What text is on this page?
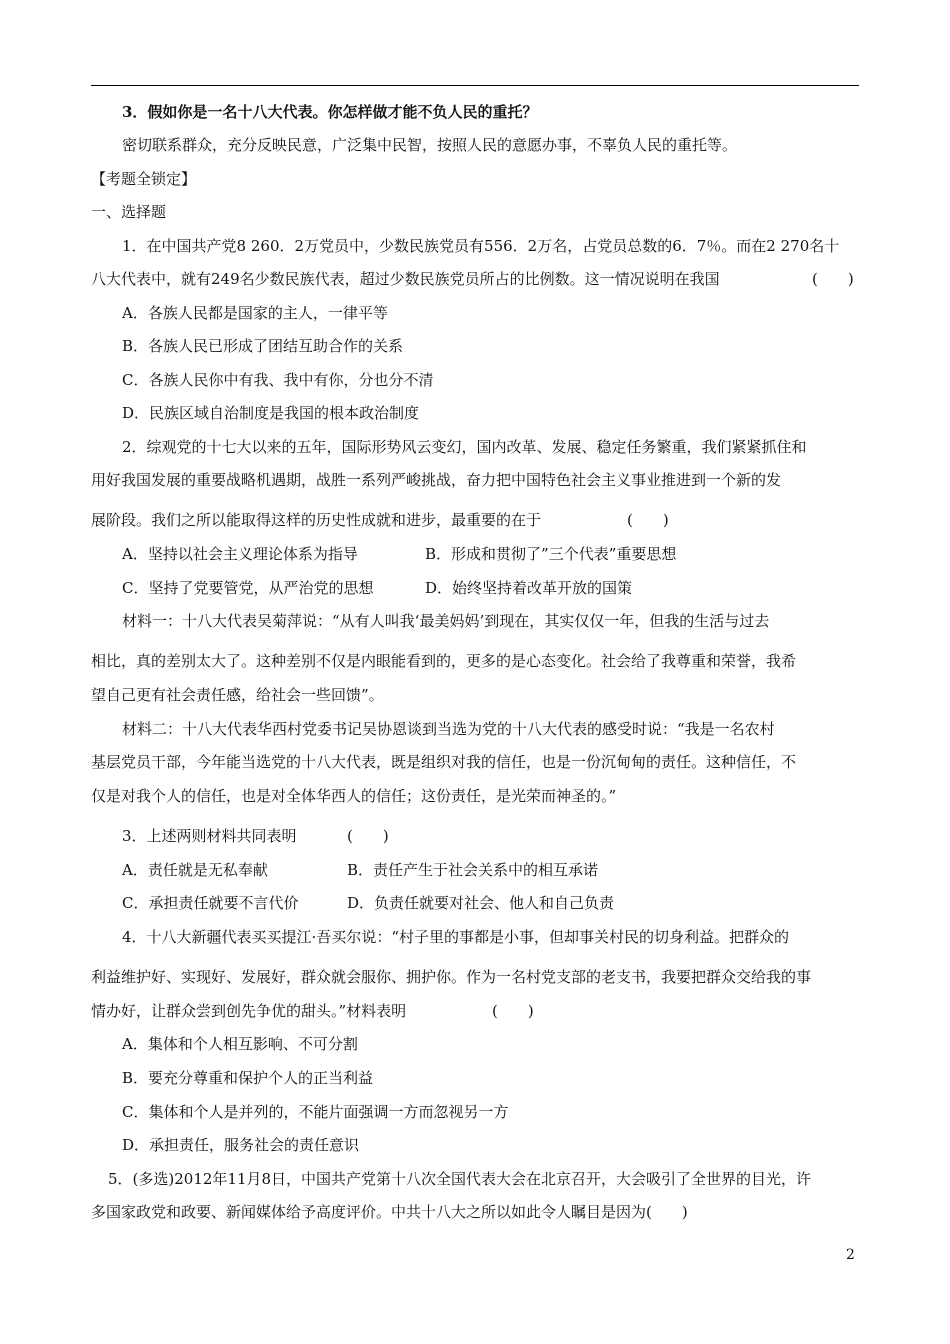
3．假如你是一名十八大代表。你怎样做才能不负人民的重托？
密切联系群众，充分反映民意，广泛集中民智，按照人民的意愿办事，不辜负人民的重托等。
【考题全锁定】
一、选择题
1．在中国共产党8 260．2万党员中，少数民族党员有556．2万名，占党员总数的6．7％。而在2 270名十
八大代表中，就有249名少数民族代表，超过少数民族党员所占的比例数。这一情况说明在我国	(　　)
A．各族人民都是国家的主人，一律平等
B．各族人民已形成了团结互助合作的关系
C．各族人民你中有我、我中有你，分也分不清
D．民族区域自治制度是我国的根本政治制度
2．综观党的十七大以来的五年，国际形势风云变幻，国内改革、发展、稳定任务繁重，我们紧紧抓住和
用好我国发展的重要战略机遇期，战胜一系列严峻挑战，奋力把中国特色社会主义事业推进到一个新的发
展阶段。我们之所以能取得这样的历史性成就和进步，最重要的在于	(　　)
A．坚持以社会主义理论体系为指导	B．形成和贯彻了”三个代表”重要思想
C．坚持了党要管党，从严治党的思想	D．始终坚持着改革开放的国策
材料一：十八大代表吴菊萍说：“从有人叫我‘最美妈妈’到现在，其实仅仅一年，但我的生活与过去
相比，真的差别太大了。这种差别不仅是内眼能看到的，更多的是心态变化。社会给了我尊重和荣誉，我希
望自己更有社会责任感，给社会一些回馈”。
材料二：十八大代表华西村党委书记吴协恩谈到当选为党的十八大代表的感受时说：“我是一名农村
基层党员干部，今年能当选党的十八大代表，既是组织对我的信任，也是一份沉甸甸的责任。这种信任，不
仅是对我个人的信任，也是对全体华西人的信任；这份责任，是光荣而神圣的。”
3．上述两则材料共同表明	(　　)
A．责任就是无私奉献	B．责任产生于社会关系中的相互承诺
C．承担责任就要不言代价	D．负责任就要对社会、他人和自己负责
4．十八大新疆代表买买提江·吾买尔说：“村子里的事都是小事，但却事关村民的切身利益。把群众的
利益维护好、实现好、发展好，群众就会服你、拥护你。作为一名村党支部的老支书，我要把群众交给我的事
情办好，让群众尝到创先争优的甜头。”材料表明	(　　)
A．集体和个人相互影响、不可分割
B．要充分尊重和保护个人的正当利益
C．集体和个人是并列的，不能片面强调一方而忽视另一方
D．承担责任，服务社会的责任意识
5．(多选)2012年11月8日，中国共产党第十八次全国代表大会在北京召开，大会吸引了全世界的目光，许
多国家政党和政要、新闻媒体给予高度评价。中共十八大之所以如此令人瞩目是因为(　　)
2
